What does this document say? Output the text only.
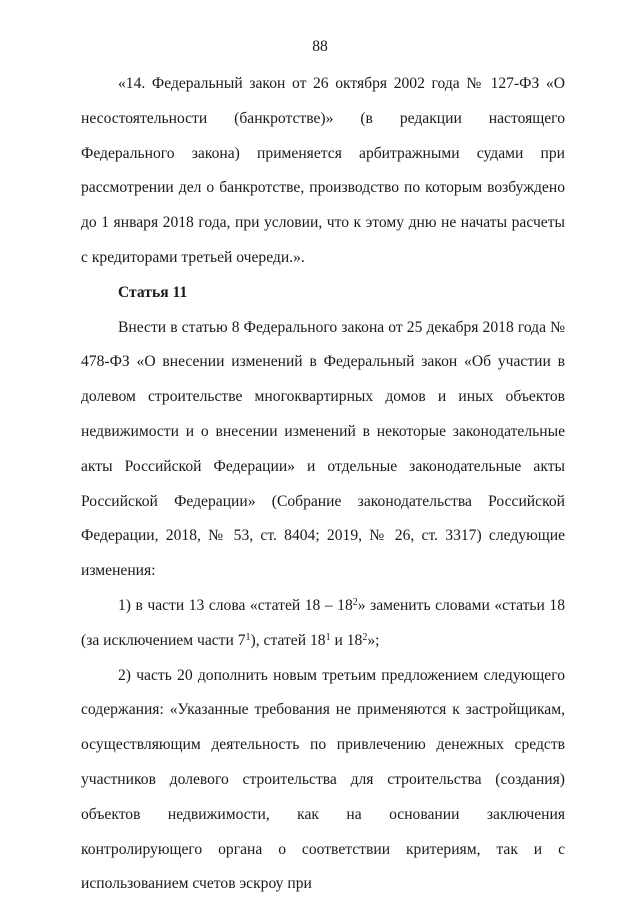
88

«14. Федеральный закон от 26 октября 2002 года № 127-ФЗ «О несостоятельности (банкротстве)» (в редакции настоящего Федерального закона) применяется арбитражными судами при рассмотрении дел о банкротстве, производство по которым возбуждено до 1 января 2018 года, при условии, что к этому дню не начаты расчеты с кредиторами третьей очереди.».

Статья 11

Внести в статью 8 Федерального закона от 25 декабря 2018 года № 478-ФЗ «О внесении изменений в Федеральный закон «Об участии в долевом строительстве многоквартирных домов и иных объектов недвижимости и о внесении изменений в некоторые законодательные акты Российской Федерации» и отдельные законодательные акты Российской Федерации» (Собрание законодательства Российской Федерации, 2018, № 53, ст. 8404; 2019, № 26, ст. 3317) следующие изменения:

1) в части 13 слова «статей $18 - 18^2$» заменить словами «статьи 18 (за исключением части $7^1$), статей $18^1$ и $18^2$»;

2) часть 20 дополнить новым третьим предложением следующего содержания: «Указанные требования не применяются к застройщикам, осуществляющим деятельность по привлечению денежных средств участников долевого строительства для строительства (создания) объектов недвижимости, как на основании заключения контролирующего органа о соответствии критериям, так и с использованием счетов эскроу при
